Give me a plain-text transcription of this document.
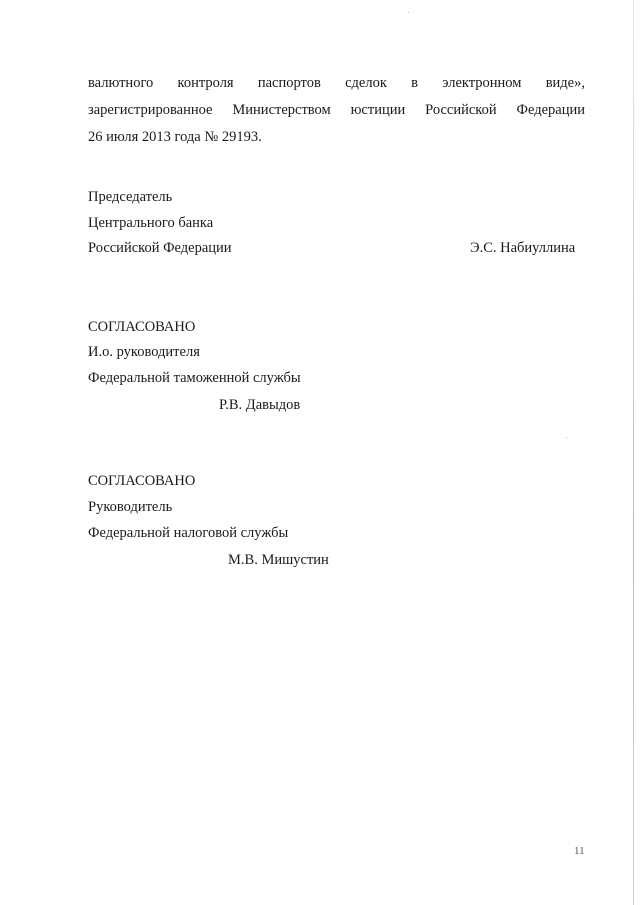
валютного контроля паспортов сделок в электронном виде»,
зарегистрированное Министерством юстиции Российской Федерации
26 июля 2013 года № 29193.
Председатель
Центрального банка
Российской Федерации	Э.С. Набиуллина
СОГЛАСОВАНО
И.о. руководителя
Федеральной таможенной службы
Р.В. Давыдов
СОГЛАСОВАНО
Руководитель
Федеральной налоговой службы
М.В. Мишустин
11
